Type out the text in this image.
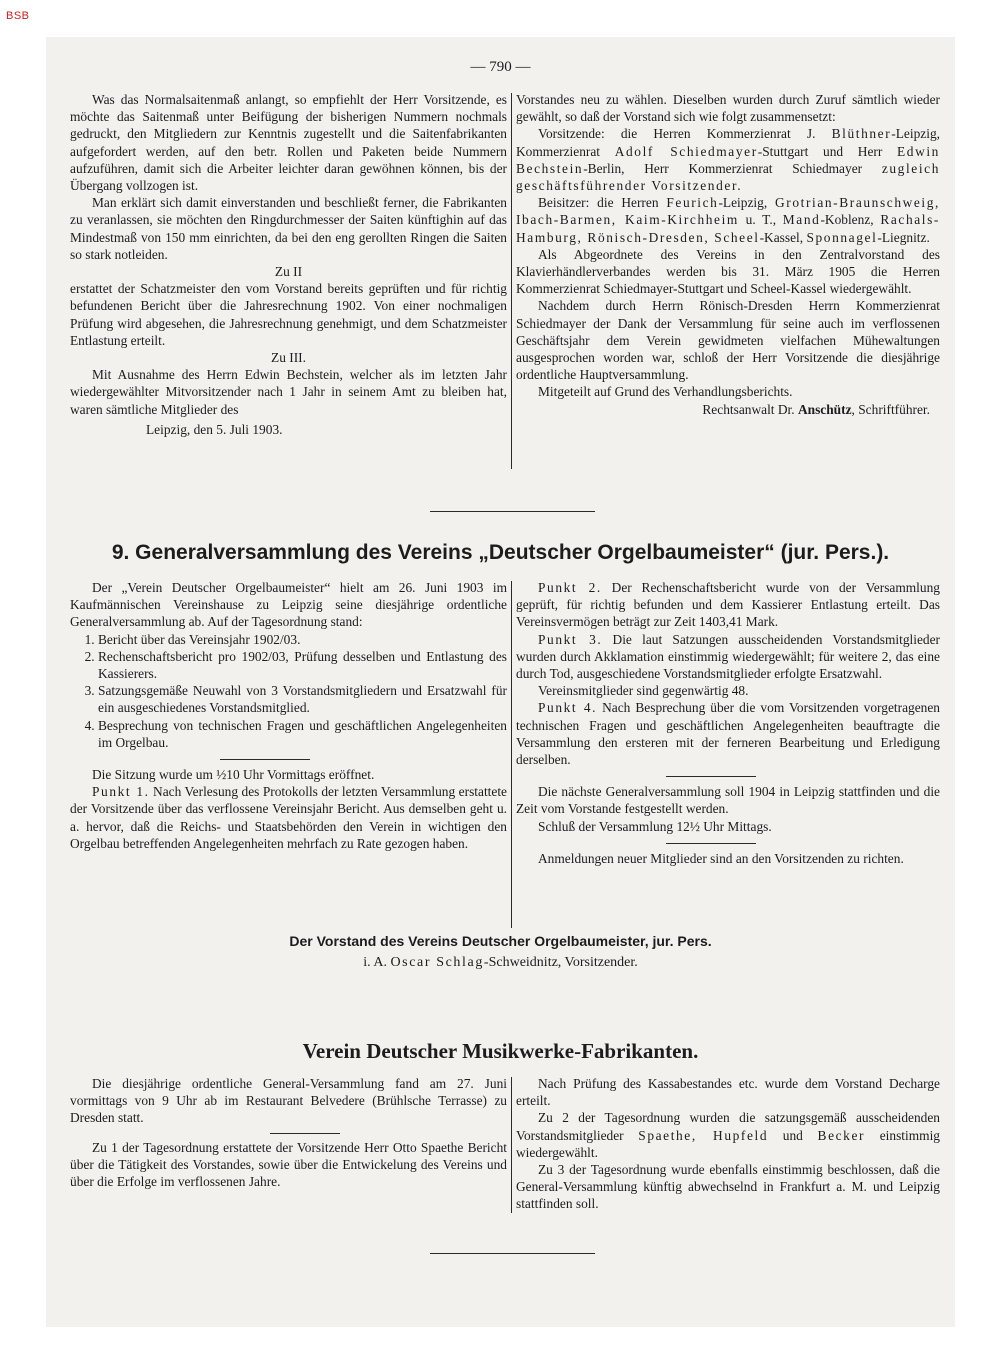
BSB
— 790 —

Was das Normalsaitenmaß anlangt, so empfiehlt der Herr Vorsitzende, es möchte das Saitenmaß unter Beifügung der bisherigen Nummern nochmals gedruckt, den Mitgliedern zur Kenntnis zugestellt und die Saitenfabrikanten aufgefordert werden, auf den betr. Rollen und Paketen beide Nummern aufzuführen, damit sich die Arbeiter leichter daran gewöhnen können, bis der Übergang vollzogen ist.

Man erklärt sich damit einverstanden und beschließt ferner, die Fabrikanten zu veranlassen, sie möchten den Ringdurchmesser der Saiten künftighin auf das Mindestmaß von 150 mm einrichten, da bei den eng gerollten Ringen die Saiten so stark notleiden.

Zu II

erstattet der Schatzmeister den vom Vorstand bereits geprüften und für richtig befundenen Bericht über die Jahresrechnung 1902. Von einer nochmaligen Prüfung wird abgesehen, die Jahresrechnung genehmigt, und dem Schatzmeister Entlastung erteilt.

Zu III.

Mit Ausnahme des Herrn Edwin Bechstein, welcher als im letzten Jahr wiedergewählter Mitvorsitzender nach 1 Jahr in seinem Amt zu bleiben hat, waren sämtliche Mitglieder des

Leipzig, den 5. Juli 1903.

Vorstandes neu zu wählen. Dieselben wurden durch Zuruf sämtlich wieder gewählt, so daß der Vorstand sich wie folgt zusammensetzt:

Vorsitzende: die Herren Kommerzienrat J. Blüthner-Leipzig, Kommerzienrat Adolf Schiedmayer-Stuttgart und Herr Edwin Bechstein-Berlin, Herr Kommerzienrat Schiedmayer zugleich geschäftsführender Vorsitzender.

Beisitzer: die Herren Feurich-Leipzig, Grotrian-Braunschweig, Ibach-Barmen, Kaim-Kirchheim u. T., Mand-Koblenz, Rachals-Hamburg, Rönisch-Dresden, Scheel-Kassel, Sponnagel-Liegnitz.

Als Abgeordnete des Vereins in den Zentralvorstand des Klavierhändlerverbandes werden bis 31. März 1905 die Herren Kommerzienrat Schiedmayer-Stuttgart und Scheel-Kassel wiedergewählt.

Nachdem durch Herrn Rönisch-Dresden Herrn Kommerzienrat Schiedmayer der Dank der Versammlung für seine auch im verflossenen Geschäftsjahr dem Verein gewidmeten vielfachen Mühewaltungen ausgesprochen worden war, schloß der Herr Vorsitzende die diesjährige ordentliche Hauptversammlung.

Mitgeteilt auf Grund des Verhandlungsberichts.

Rechtsanwalt Dr. Anschütz, Schriftführer.

9. Generalversammlung des Vereins „Deutscher Orgelbaumeister“ (jur. Pers.).

Der „Verein Deutscher Orgelbaumeister“ hielt am 26. Juni 1903 im Kaufmännischen Vereinshause zu Leipzig seine diesjährige ordentliche Generalversammlung ab. Auf der Tagesordnung stand:

1. Bericht über das Vereinsjahr 1902/03.
2. Rechenschaftsbericht pro 1902/03, Prüfung desselben und Entlastung des Kassierers.
3. Satzungsgemäße Neuwahl von 3 Vorstandsmitgliedern und Ersatzwahl für ein ausgeschiedenes Vorstandsmitglied.
4. Besprechung von technischen Fragen und geschäftlichen Angelegenheiten im Orgelbau.

Die Sitzung wurde um ½10 Uhr Vormittags eröffnet.

Punkt 1. Nach Verlesung des Protokolls der letzten Versammlung erstattete der Vorsitzende über das verflossene Vereinsjahr Bericht. Aus demselben geht u. a. hervor, daß die Reichs- und Staatsbehörden den Verein in wichtigen den Orgelbau betreffenden Angelegenheiten mehrfach zu Rate gezogen haben.

Punkt 2. Der Rechenschaftsbericht wurde von der Versammlung geprüft, für richtig befunden und dem Kassierer Entlastung erteilt. Das Vereinsvermögen beträgt zur Zeit 1403,41 Mark.

Punkt 3. Die laut Satzungen ausscheidenden Vorstandsmitglieder wurden durch Akklamation einstimmig wiedergewählt; für weitere 2, das eine durch Tod, ausgeschiedene Vorstandsmitglieder erfolgte Ersatzwahl.

Vereinsmitglieder sind gegenwärtig 48.

Punkt 4. Nach Besprechung über die vom Vorsitzenden vorgetragenen technischen Fragen und geschäftlichen Angelegenheiten beauftragte die Versammlung den ersteren mit der ferneren Bearbeitung und Erledigung derselben.

Die nächste Generalversammlung soll 1904 in Leipzig stattfinden und die Zeit vom Vorstande festgestellt werden.

Schluß der Versammlung 12½ Uhr Mittags.

Anmeldungen neuer Mitglieder sind an den Vorsitzenden zu richten.

Der Vorstand des Vereins Deutscher Orgelbaumeister, jur. Pers.
i. A. Oscar Schlag-Schweidnitz, Vorsitzender.
Verein Deutscher Musikwerke-Fabrikanten.

Die diesjährige ordentliche General-Versammlung fand am 27. Juni vormittags von 9 Uhr ab im Restaurant Belvedere (Brühlsche Terrasse) zu Dresden statt.

Zu 1 der Tagesordnung erstattete der Vorsitzende Herr Otto Spaethe Bericht über die Tätigkeit des Vorstandes, sowie über die Entwickelung des Vereins und über die Erfolge im verflossenen Jahre.

Nach Prüfung des Kassabestandes etc. wurde dem Vorstand Decharge erteilt.

Zu 2 der Tagesordnung wurden die satzungsgemäß ausscheidenden Vorstandsmitglieder Spaethe, Hupfeld und Becker einstimmig wiedergewählt.

Zu 3 der Tagesordnung wurde ebenfalls einstimmig beschlossen, daß die General-Versammlung künftig abwechselnd in Frankfurt a. M. und Leipzig stattfinden soll.
